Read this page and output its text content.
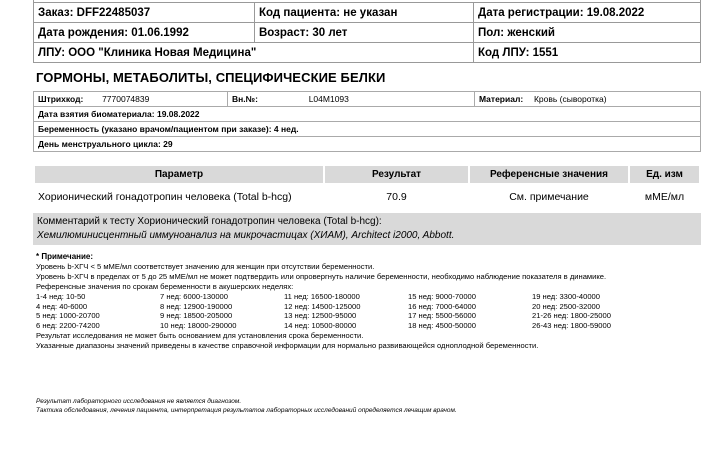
Заказ: DFF22485037	Код пациента: не указан	Дата регистрации: 19.08.2022
Дата рождения: 01.06.1992	Возраст: 30 лет	Пол: женский
ЛПУ: ООО "Клиника Новая Медицина"		Код ЛПУ: 1551
ГОРМОНЫ, МЕТАБОЛИТЫ, СПЕЦИФИЧЕСКИЕ БЕЛКИ
Штрихкод: 7770074839	Вн.№:	L04M1093	Материал: Кровь (сыворотка)
Дата взятия биоматериала: 19.08.2022
Беременность (указано врачом/пациентом при заказе): 4 нед.
День менструального цикла: 29
Параметр	Результат	Референсные значения	Ед. изм
Хорионический гонадотропин человека (Total b-hcg)	70.9	См. примечание	мМЕ/мл
Комментарий к тесту Хорионический гонадотропин человека (Total b-hcg):
Хемилюминисцентный иммуноанализ на микрочастицах (ХИАМ), Architect i2000, Abbott.
* Примечание:
Уровень b-ХГЧ < 5 мМЕ/мл соответствует значению для женщин при отсутствии беременности.
Уровень b-ХГЧ в пределах от 5 до 25 мМЕ/мл не может подтвердить или опровергнуть наличие беременности, необходимо наблюдение показателя в динамике.
Референсные значения по срокам беременности в акушерских неделях:
1-4 нед: 10-50	7 нед: 6000-130000	11 нед: 16500-180000	15 нед: 9000-70000	19 нед: 3300-40000
4 нед: 40-6000	8 нед: 12900-190000	12 нед: 14500-125000	16 нед: 7000-64000	20 нед: 2500-32000
5 нед: 1000-20700	9 нед: 18500-205000	13 нед: 12500-95000	17 нед: 5500-56000	21-26 нед: 1800-25000
6 нед: 2200-74200	10 нед: 18000-290000	14 нед: 10500-80000	18 нед: 4500-50000	26-43 нед: 1800-59000
Результат исследования не может быть основанием для установления срока беременности.
Указанные диапазоны значений приведены в качестве справочной информации для нормально развивающейся одноплодной беременности.
Результат лабораторного исследования не является диагнозом.
Тактика обследования, лечения пациента, интерпретация результатов лабораторных исследований определяется лечащим врачом.
